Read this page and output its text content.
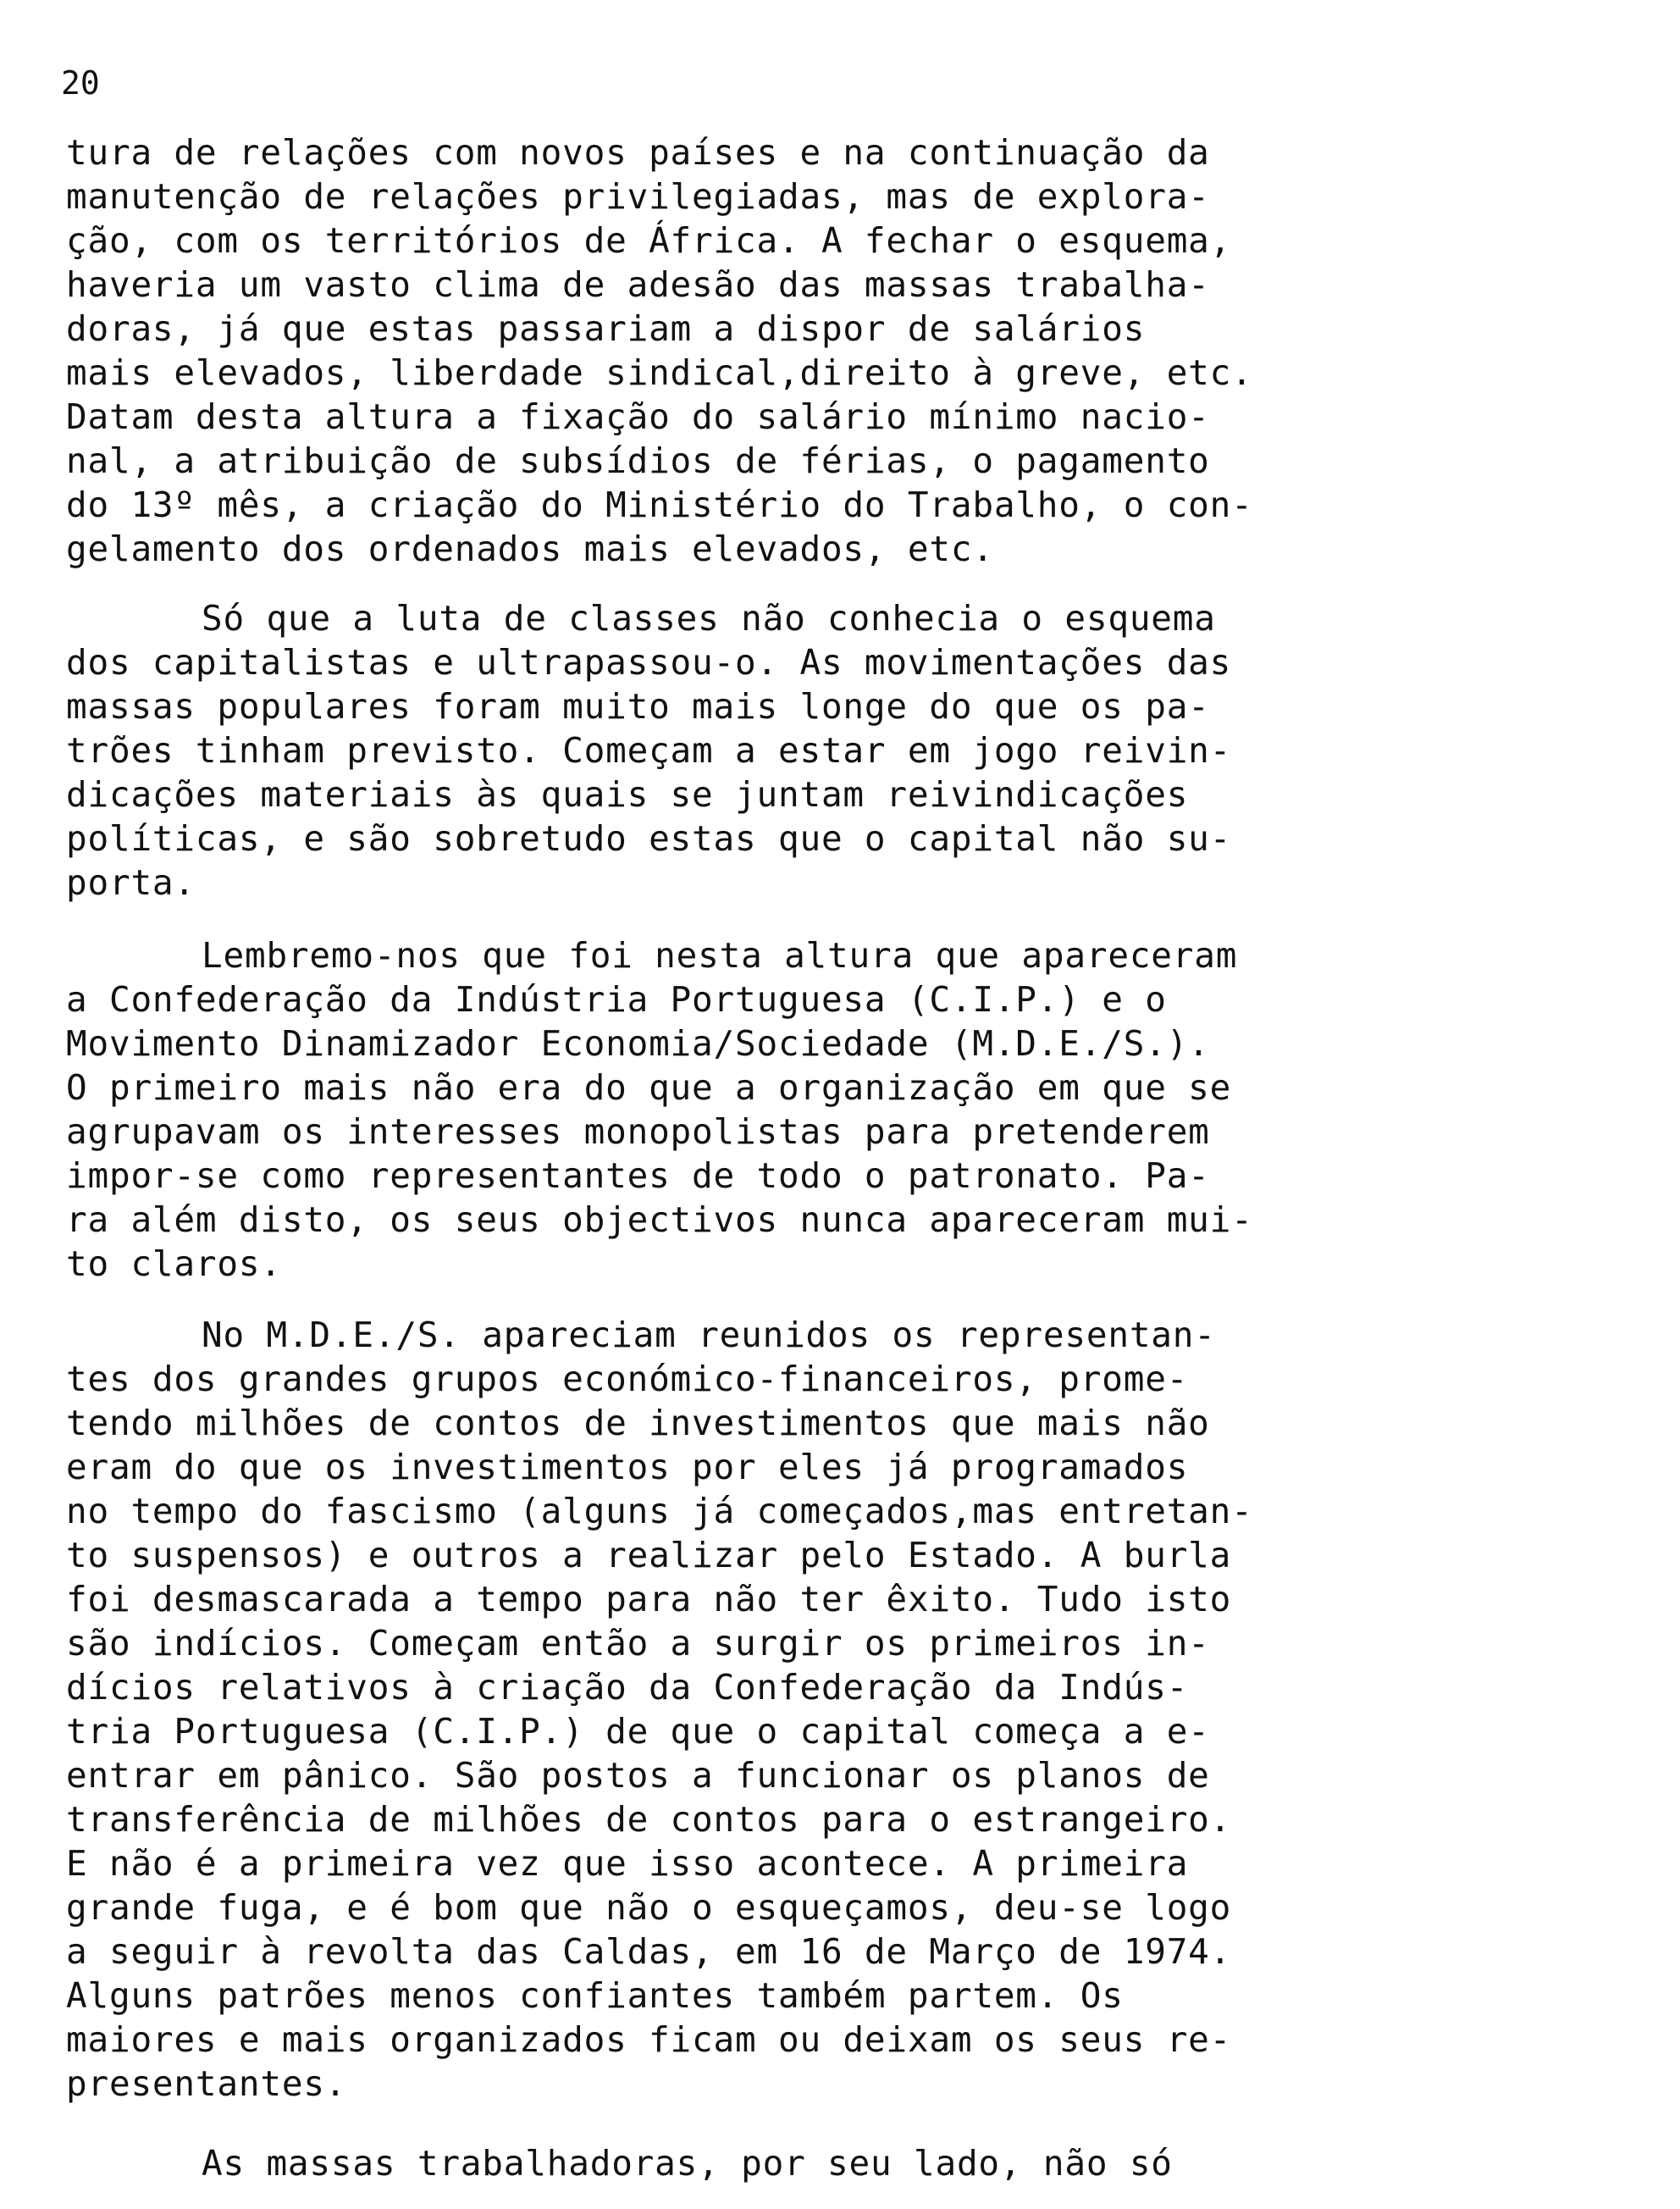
20
tura de relações com novos países e na continuação da
manutenção de relações privilegiadas, mas de explora-
ção, com os territórios de África. A fechar o esquema,
haveria um vasto clima de adesão das massas trabalha-
doras, já que estas passariam a dispor de salários
mais elevados, liberdade sindical,direito à greve, etc.
Datam desta altura a fixação do salário mínimo nacio-
nal, a atribuição de subsídios de férias, o pagamento
do 13º mês, a criação do Ministério do Trabalho, o con-
gelamento dos ordenados mais elevados, etc.
Só que a luta de classes não conhecia o esquema
dos capitalistas e ultrapassou-o. As movimentações das
massas populares foram muito mais longe do que os pa-
trões tinham previsto. Começam a estar em jogo reivin-
dicações materiais às quais se juntam reivindicações
políticas, e são sobretudo estas que o capital não su-
porta.
Lembremo-nos que foi nesta altura que apareceram
a Confederação da Indústria Portuguesa (C.I.P.) e o
Movimento Dinamizador Economia/Sociedade (M.D.E./S.).
O primeiro mais não era do que a organização em que se
agrupavam os interesses monopolistas para pretenderem
impor-se como representantes de todo o patronato. Pa-
ra além disto, os seus objectivos nunca apareceram mui-
to claros.
No M.D.E./S. apareciam reunidos os representan-
tes dos grandes grupos económico-financeiros, prome-
tendo milhões de contos de investimentos que mais não
eram do que os investimentos por eles já programados
no tempo do fascismo (alguns já começados,mas entretan-
to suspensos) e outros a realizar pelo Estado. A burla
foi desmascarada a tempo para não ter êxito. Tudo isto
são indícios. Começam então a surgir os primeiros in-
dícios relativos à criação da Confederação da Indús-
tria Portuguesa (C.I.P.) de que o capital começa a e-
entrar em pânico. São postos a funcionar os planos de
transferência de milhões de contos para o estrangeiro.
E não é a primeira vez que isso acontece. A primeira
grande fuga, e é bom que não o esqueçamos, deu-se logo
a seguir à revolta das Caldas, em 16 de Março de 1974.
Alguns patrões menos confiantes também partem. Os
maiores e mais organizados ficam ou deixam os seus re-
presentantes.
As massas trabalhadoras, por seu lado, não só
